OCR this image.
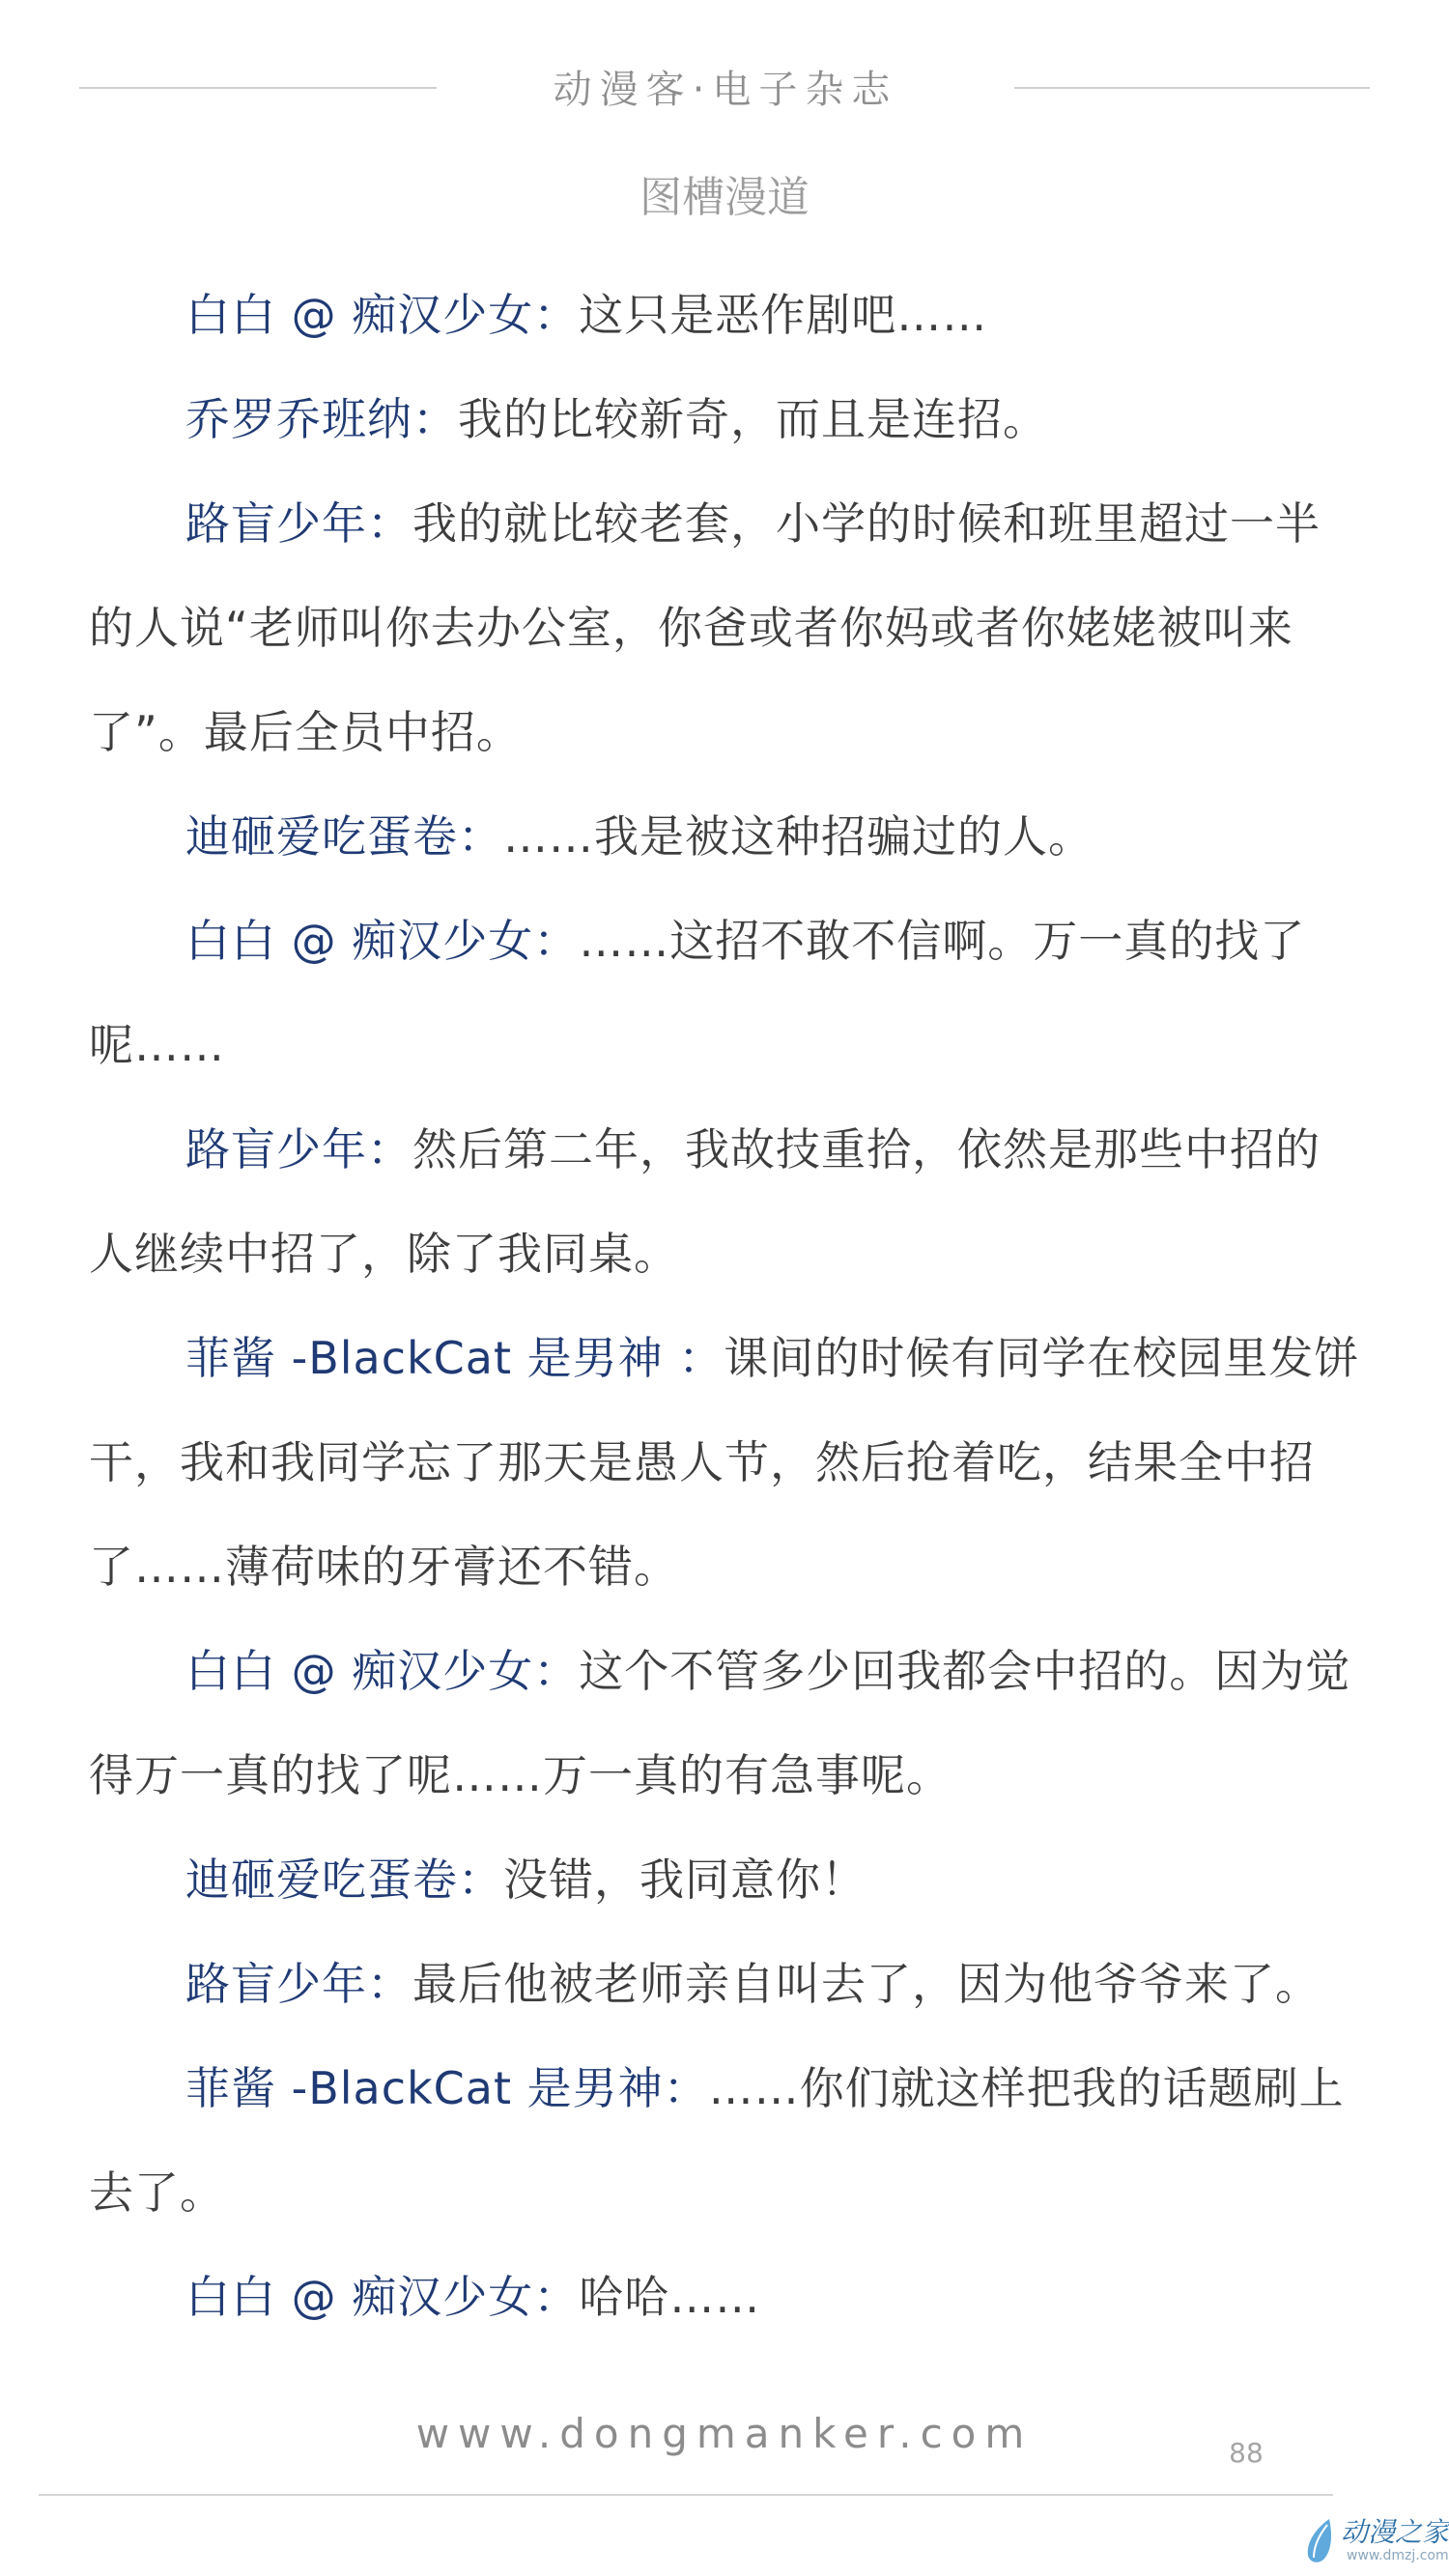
动漫客·电子杂志
图槽漫道

白白 @ 痴汉少女：这只是恶作剧吧……

乔罗乔班纳：我的比较新奇，而且是连招。

路盲少年：我的就比较老套，小学的时候和班里超过一半的人说“老师叫你去办公室，你爸或者你妈或者你姥姥被叫来了”。最后全员中招。

迪砸爱吃蛋卷：……我是被这种招骗过的人。

白白 @ 痴汉少女：……这招不敢不信啊。万一真的找了呢……

路盲少年：然后第二年，我故技重拾，依然是那些中招的人继续中招了，除了我同桌。

菲酱 -BlackCat 是男神 ：课间的时候有同学在校园里发饼干，我和我同学忘了那天是愚人节，然后抢着吃，结果全中招了……薄荷味的牙膏还不错。

白白 @ 痴汉少女：这个不管多少回我都会中招的。因为觉得万一真的找了呢……万一真的有急事呢。

迪砸爱吃蛋卷：没错，我同意你！

路盲少年：最后他被老师亲自叫去了，因为他爷爷来了。

菲酱 -BlackCat 是男神：……你们就这样把我的话题刷上去了。

白白 @ 痴汉少女：哈哈……

www.dongmanker.com	88
动漫之家
www.dmzj.com
